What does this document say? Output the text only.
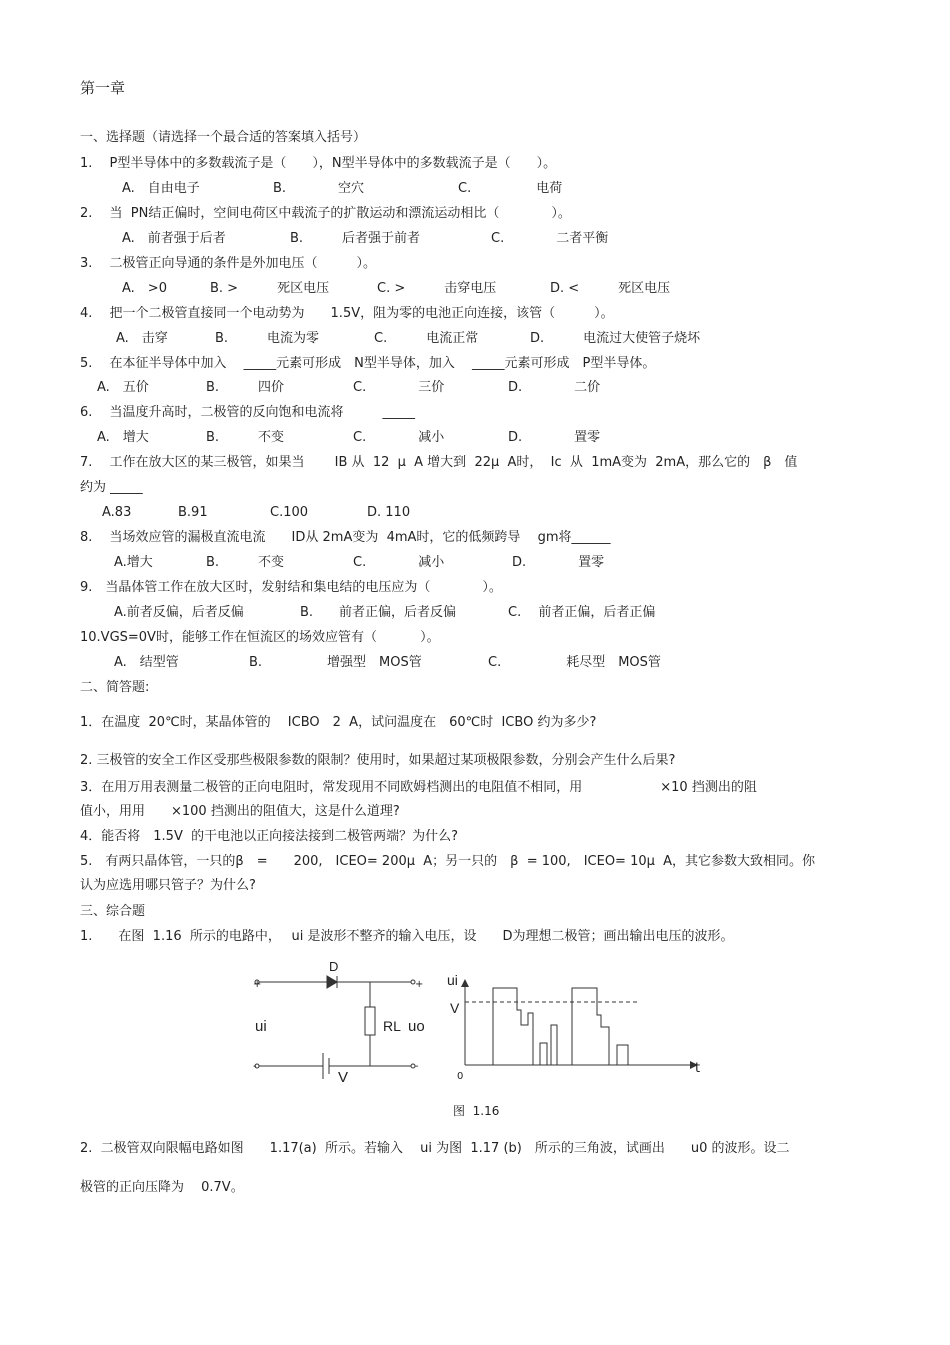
第一章
一、选择题（请选择一个最合适的答案填入括号）
1.　 P型半导体中的多数载流子是（　　），N型半导体中的多数载流子是（　　）。
A.　自由电子	B.　　　　空穴	C.　　　　　电荷
2.　 当  PN结正偏时，空间电荷区中载流子的扩散运动和漂流运动相比（　　　　）。
A.　前者强于后者	B.　　　后者强于前者	C.　　　　二者平衡
3.　 二极管正向导通的条件是外加电压（　　　）。
A.　>0	B. >　　　死区电压	C. >　　　击穿电压	D. <　　　死区电压
4.　 把一个二极管直接同一个电动势为　　1.5V，阻为零的电池正向连接，该管（　　　）。
A.　击穿	B.　　　电流为零	C.　　　电流正常	D.　　　电流过大使管子烧坏
5.　 在本征半导体中加入　 _____元素可形成　N型半导体，加入　 _____元素可形成　P型半导体。
A.　五价	B.　　　四价	C.　　　　三价	D.　　　　二价
6.　 当温度升高时，二极管的反向饱和电流将　　　_____
A.　增大	B.　　　不变	C.　　　　减小	D.　　　　置零
7.　 工作在放大区的某三极管，如果当　　 IB 从  12  μ  A 增大到  22μ  A时，  Ic  从  1mA变为  2mA，那么它的　β　值
约为 _____
A.83	B.91	C.100	D. 110
8.　 当场效应管的漏极直流电流　　ID从 2mA变为  4mA时，它的低频跨导　 gm将______
A.增大	B.　　　不变	C.　　　　减小	D.　　　　置零
9.　当晶体管工作在放大区时，发射结和集电结的电压应为（　　　　）。
A.前者反偏，后者反偏	B.　　前者正偏，后者反偏	C.　 前者正偏，后者正偏
10.VGS=0V时，能够工作在恒流区的场效应管有（　　　 ）。
A.　结型管	B.　　　　　增强型　MOS管	C.　　　　　耗尽型　MOS管
二、简答题:
1．在温度  20℃时，某晶体管的　 ICBO　2  A，试问温度在　60℃时  ICBO 约为多少?
2. 三极管的安全工作区受那些极限参数的限制？使用时，如果超过某项极限参数，分别会产生什么后果?
3．在用万用表测量二极管的正向电阻时，常发现用不同欧姆档测出的电阻值不相同，用　　　　　　×10 挡测出的阻
值小，用用　　×100 挡测出的阻值大，这是什么道理?
4．能否将　1.5V  的干电池以正向接法接到二极管两端？为什么?
5.　有两只晶体管，一只的β　=　　200,　ICEO= 200μ  A；另一只的　β  = 100,　ICEO= 10μ  A，其它参数大致相同。你
认为应选用哪只管子？为什么?
三、综合题
1.　　在图  1.16  所示的电路中，　 ui 是波形不整齐的输入电压，设　　D为理想二极管；画出输出电压的波形。
D
+	+
-	-
ui	RL uo
V
ui
V
0
t
图  1.16
2.  二极管双向限幅电路如图　　1.17(a)  所示。若输入　 ui 为图  1.17 (b)　所示的三角波，试画出　　u0 的波形。设二
极管的正向压降为　 0.7V。
